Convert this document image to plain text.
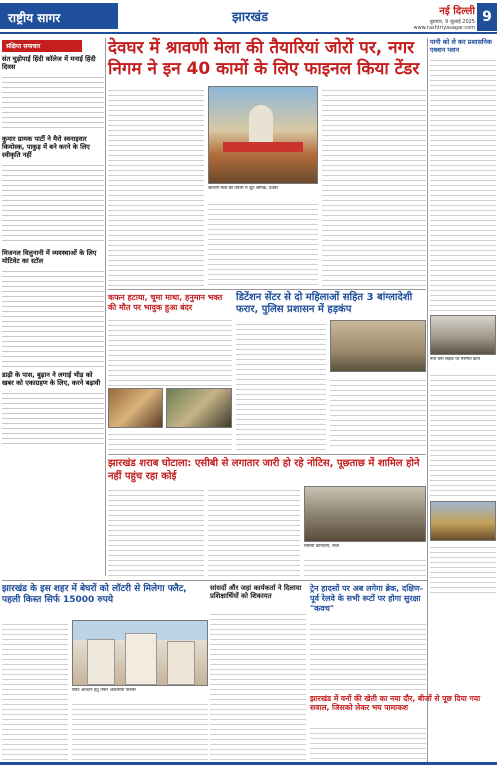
राष्ट्रीय सागर	झारखंड	नई दिल्ली
बुधवार, 9 जुलाई 2025
www.rashtriyasagar.com
9
संक्षिप्त समाचार
संत चुड़ोपाई हिंदी कॉलेज में मनाई हिंदी दिवस
कुमार ग्रामक पार्टी ने मैरो स्वनाइवार कियोस्क, पाकुड़ में बने करने के लिए स्वीकृति नहीं
मिजनल विलुनानी में व्यवस्थाओं के लिए मोटिवेट का स्टॉल
डाढ़ी के पास, बुढ़ान ने लगाई भीड़ को खबर को एकाग्रहण के लिए, करने बढ़ावी
देवघर में श्रावणी मेला की तैयारियां जोरों पर, नगर निगम ने इन 40 कामों के लिए फाइनल किया टेंडर
श्रावणी मेला की तैयारी में जुटे श्रमिक, देवघर
कफन हटाया, चूमा माथा, हनुमान भक्त की मौत पर भावुक हुआ बंदर
डिटेंशन सेंटर से दो महिलाओं सहित 3 बांग्लादेशी फरार, पुलिस प्रशासन में हड़कंप
झारखंड शराब घोटाला: एसीबी से लगातार जारी हो रहे नोटिस, पूछताछ में शामिल होने नहीं पहुंच रहा कोई
एसीबी कार्यालय, रांची
सांसदों और जहां कार्यकर्ता ने दिलाया प्रशिक्षार्थियों को शिकायत
ट्रेन हादसों पर अब लगेगा ब्रेक, दक्षिण-पूर्व रेलवे के सभी रूटों पर होगा सुरक्षा "कवच"
झारखंड के इस शहर में बेघरों को लॉटरी से मिलेगा फ्लैट, पहली किस्त सिर्फ 15000 रुपये
फ्लैट आवंटन हेतु तैयार आवासीय परिसर
झारखंड में वनों की खेती का नया दौर, बीजों से पूछ दिया गया सवाल, जिसको लेकर भय पामाकश
पानी को ले कर प्रशासनिक एक्शन प्लान
नया बनी सड़क पर मरम्मत कार्य
